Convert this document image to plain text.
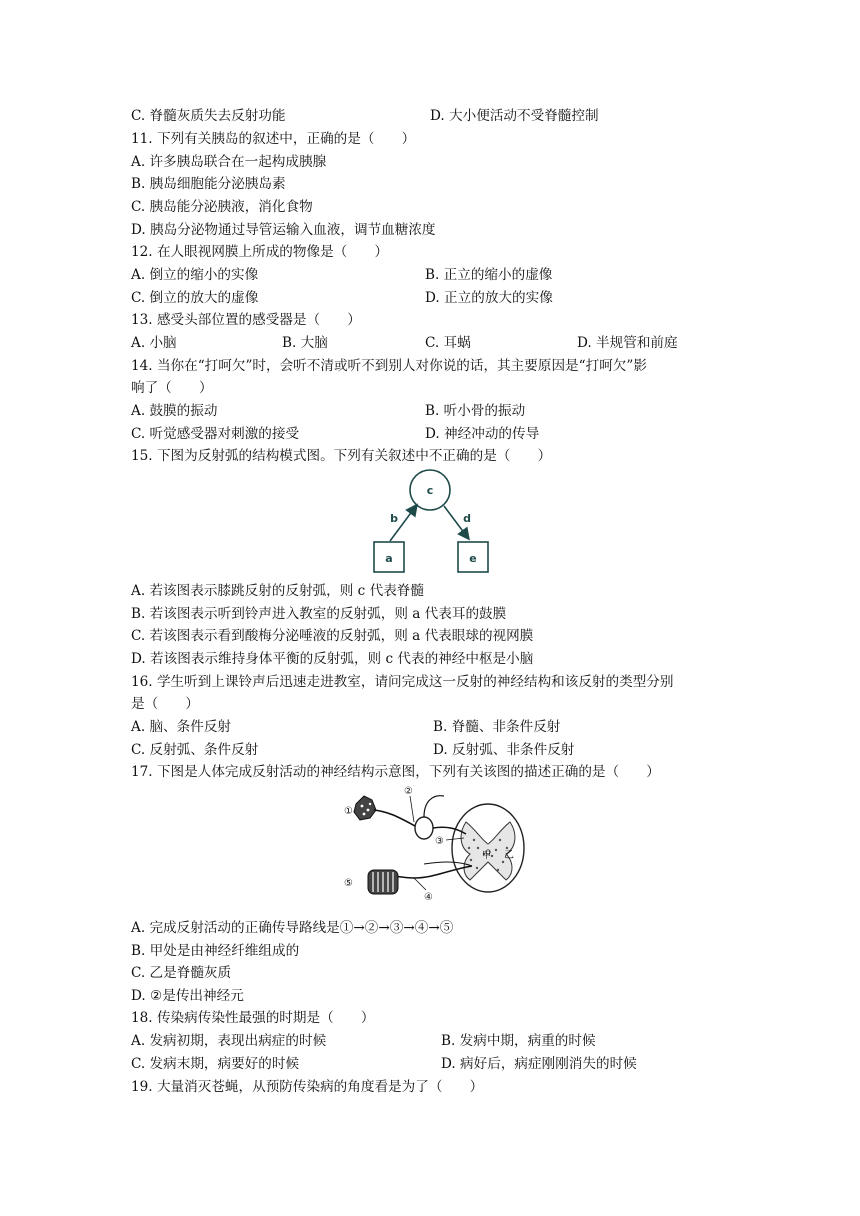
C. 脊髓灰质失去反射功能	D. 大小便活动不受脊髓控制
11. 下列有关胰岛的叙述中，正确的是（　　）
A. 许多胰岛联合在一起构成胰腺
B. 胰岛细胞能分泌胰岛素
C. 胰岛能分泌胰液，消化食物
D. 胰岛分泌物通过导管运输入血液，调节血糖浓度
12. 在人眼视网膜上所成的物像是（　　）
A. 倒立的缩小的实像	B. 正立的缩小的虚像
C. 倒立的放大的虚像	D. 正立的放大的实像
13. 感受头部位置的感受器是（　　）
A. 小脑	B. 大脑	C. 耳蜗	D. 半规管和前庭
14. 当你在“打呵欠”时，会听不清或听不到别人对你说的话，其主要原因是“打呵欠”影
响了（　　）
A. 鼓膜的振动	B. 听小骨的振动
C. 听觉感受器对刺激的接受	D. 神经冲动的传导
15. 下图为反射弧的结构模式图。下列有关叙述中不正确的是（　　）
c
b	d
a	e
A. 若该图表示膝跳反射的反射弧，则 c 代表脊髓
B. 若该图表示听到铃声进入教室的反射弧，则 a 代表耳的鼓膜
C. 若该图表示看到酸梅分泌唾液的反射弧，则 a 代表眼球的视网膜
D. 若该图表示维持身体平衡的反射弧，则 c 代表的神经中枢是小脑
16. 学生听到上课铃声后迅速走进教室，请问完成这一反射的神经结构和该反射的类型分别
是（　　）
A. 脑、条件反射	B. 脊髓、非条件反射
C. 反射弧、条件反射	D. 反射弧、非条件反射
17. 下图是人体完成反射活动的神经结构示意图，下列有关该图的描述正确的是（　　）
①
②
③
④
⑤
甲 乙
A. 完成反射活动的正确传导路线是①→②→③→④→⑤
B. 甲处是由神经纤维组成的
C. 乙是脊髓灰质
D. ②是传出神经元
18. 传染病传染性最强的时期是（　　）
A. 发病初期，表现出病症的时候	B. 发病中期，病重的时候
C. 发病末期，病要好的时候	D. 病好后，病症刚刚消失的时候
19. 大量消灭苍蝇，从预防传染病的角度看是为了（　　）
